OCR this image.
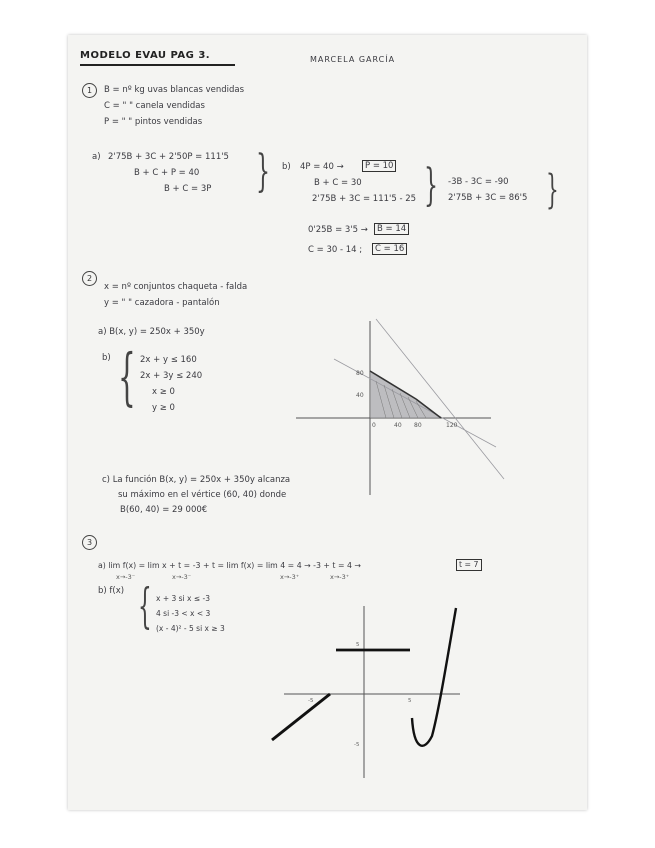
MODELO EVAU PAG 3.	MARCELA GARCÍA
1	B = nº kg uvas blancas vendidas
C = " " canela vendidas
P = " " pintos vendidas
a) 2'75B + 3C + 2'50P = 111'5
B + C + P = 40
B + C = 3P } b) 4P = 40 →	P = 10
B + C = 30
2'75B + 3C = 111'5 - 25 } -3B - 3C = -90
2'75B + 3C = 86'5 }
0'25B = 3'5 →	B = 14
C = 30 - 14 ;	C = 16
2
x = nº conjuntos chaqueta - falda
y = " " cazadora - pantalón
a) B(x, y) = 250x + 350y
b) { 2x + y ≤ 160
2x + 3y ≤ 240
x ≥ 0
y ≥ 0
80
40
0	40 80	120
c) La función B(x, y) = 250x + 350y alcanza
su máximo en el vértice (60, 40) donde
B(60, 40) = 29 000€
3
a) lim f(x) = lim x + t = -3 + t = lim f(x) = lim 4 = 4 → -3 + t = 4 →	t = 7
x→-3⁻	x→-3⁻	x→-3⁺	x→-3⁺
b) f(x) { x + 3 si x ≤ -3
4 si -3 < x < 3
(x - 4)² - 5 si x ≥ 3
5
-5
5
-5
